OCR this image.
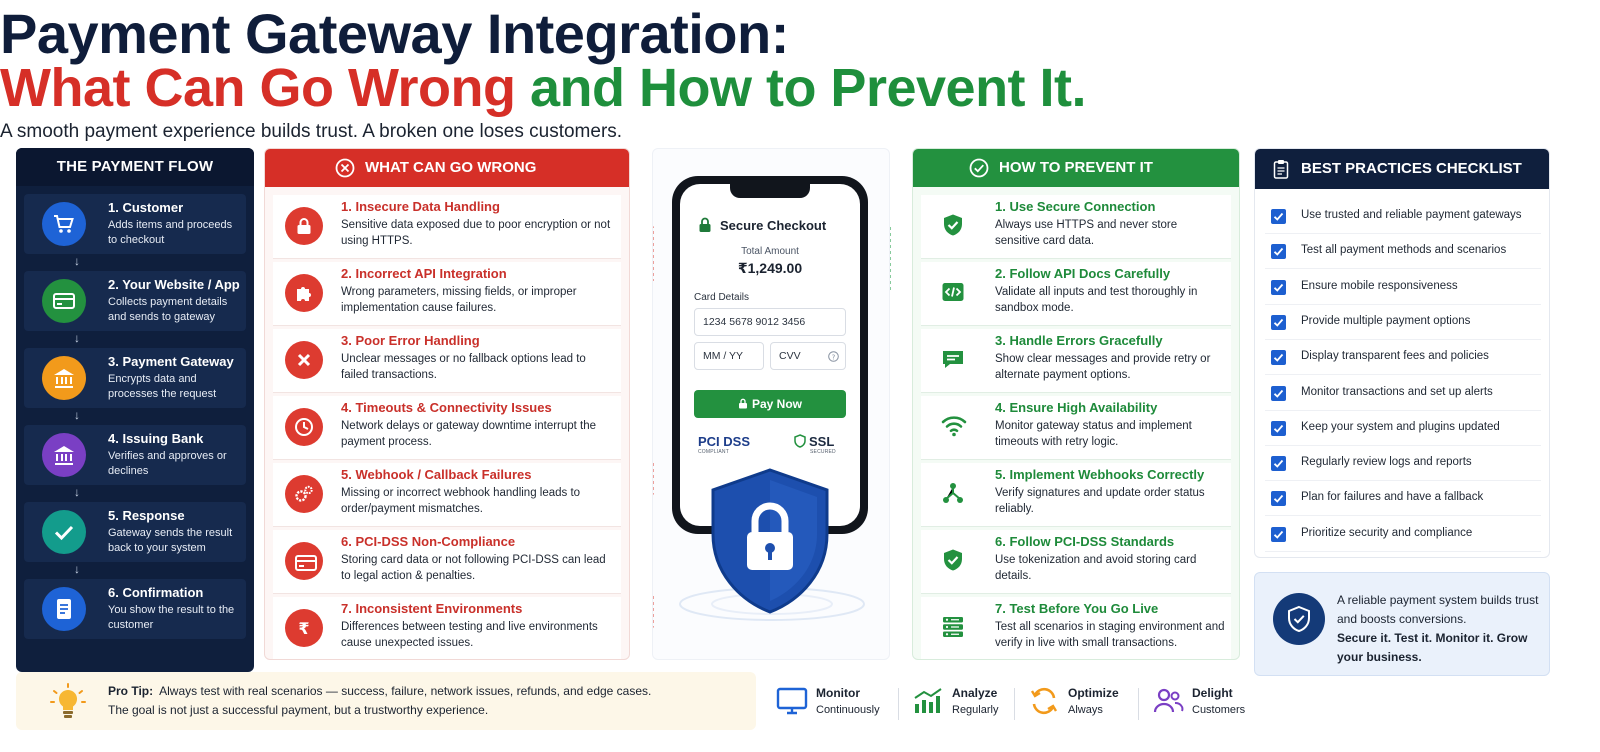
Payment Gateway Integration:
What Can Go Wrong and How to Prevent It.
A smooth payment experience builds trust. A broken one loses customers.
THE PAYMENT FLOW
1. Customer
Adds items and proceeds to checkout
↓
2. Your Website / App
Collects payment details and sends to gateway
↓
3. Payment Gateway
Encrypts data and processes the request
↓
4. Issuing Bank
Verifies and approves or declines
↓
5. Response
Gateway sends the result back to your system
↓
6. Confirmation
You show the result to the customer
WHAT CAN GO WRONG
1. Insecure Data Handling
Sensitive data exposed due to poor encryption or not using HTTPS.
2. Incorrect API Integration
Wrong parameters, missing fields, or improper implementation cause failures.
3. Poor Error Handling
Unclear messages or no fallback options lead to failed transactions.
4. Timeouts & Connectivity Issues
Network delays or gateway downtime interrupt the payment process.
5. Webhook / Callback Failures
Missing or incorrect webhook handling leads to order/payment mismatches.
6. PCI-DSS Non-Compliance
Storing card data or not following PCI-DSS can lead to legal action & penalties.
₹
7. Inconsistent Environments
Differences between testing and live environments cause unexpected issues.
Secure Checkout
Total Amount
₹1,249.00
Card Details
1234 5678 9012 3456
MM / YY	CVV	?
Pay Now
PCI DSS
COMPLIANT
SSL
SECURED
HOW TO PREVENT IT
1. Use Secure Connection
Always use HTTPS and never store sensitive card data.
2. Follow API Docs Carefully
Validate all inputs and test thoroughly in sandbox mode.
3. Handle Errors Gracefully
Show clear messages and provide retry or alternate payment options.
4. Ensure High Availability
Monitor gateway status and implement timeouts with retry logic.
5. Implement Webhooks Correctly
Verify signatures and update order status reliably.
6. Follow PCI-DSS Standards
Use tokenization and avoid storing card details.
7. Test Before You Go Live
Test all scenarios in staging environment and verify in live with small transactions.
BEST PRACTICES CHECKLIST
Use trusted and reliable payment gateways
Test all payment methods and scenarios
Ensure mobile responsiveness
Provide multiple payment options
Display transparent fees and policies
Monitor transactions and set up alerts
Keep your system and plugins updated
Regularly review logs and reports
Plan for failures and have a fallback
Prioritize security and compliance
A reliable payment system builds trust and boosts conversions.
Secure it. Test it. Monitor it. Grow your business.
Pro Tip: Always test with real scenarios — success, failure, network issues, refunds, and edge cases.
The goal is not just a successful payment, but a trustworthy experience.
Monitor
Continuously
Analyze
Regularly
Optimize
Always
Delight
Customers
